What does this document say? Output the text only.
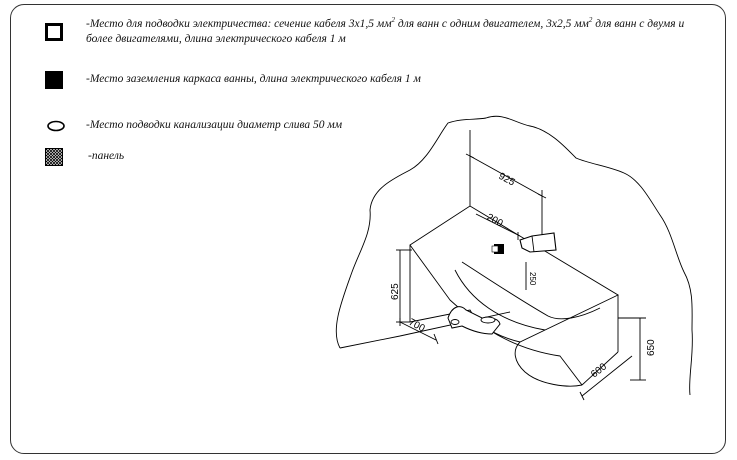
-Место для подводки электричества: сечение кабеля 3x1,5 $мм^2$ для ванн с одним двигателем, 3x2,5 $мм^2$ для ванн с двумя и
более двигателями, длина электрического кабеля 1 м
-Место заземления каркаса ванны, длина электрического кабеля 1 м
-Место подводки канализации диаметр слива 50 мм
-панель
925
200
250
625
700
600
650
